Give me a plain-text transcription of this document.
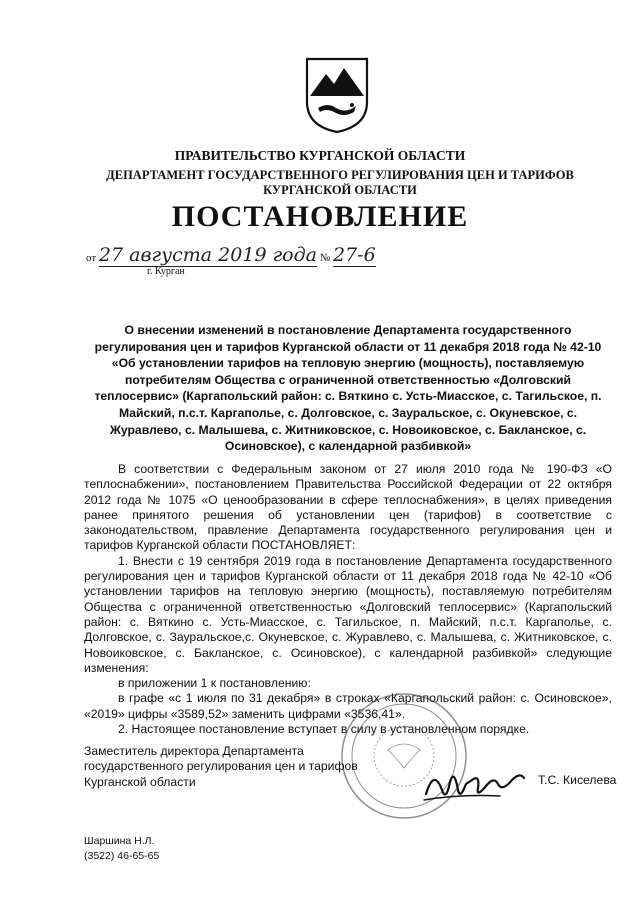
ПРАВИТЕЛЬСТВО КУРГАНСКОЙ ОБЛАСТИ
ДЕПАРТАМЕНТ ГОСУДАРСТВЕННОГО РЕГУЛИРОВАНИЯ ЦЕН И ТАРИФОВ КУРГАНСКОЙ ОБЛАСТИ
ПОСТАНОВЛЕНИЕ
от 27 августа 2019 года № 27-6
г. Курган
О внесении изменений в постановление Департамента государственного регулирования цен и тарифов Курганской области от 11 декабря 2018 года № 42-10 «Об установлении тарифов на тепловую энергию (мощность), поставляемую потребителям Общества с ограниченной ответственностью «Долговский теплосервис» (Каргапольский район: с. Вяткино с. Усть-Миасское, с. Тагильское, п. Майский, п.с.т. Каргаполье, с. Долговское, с. Зауральское, с. Окуневское, с. Журавлево, с. Малышева, с. Житниковское, с. Новоиковское, с. Бакланское, с. Осиновское), с календарной разбивкой»

В соответствии с Федеральным законом от 27 июля 2010 года № 190-ФЗ «О теплоснабжении», постановлением Правительства Российской Федерации от 22 октября 2012 года № 1075 «О ценообразовании в сфере теплоснабжения», в целях приведения ранее принятого решения об установлении цен (тарифов) в соответствие с законодательством, правление Департамента государственного регулирования цен и тарифов Курганской области ПОСТАНОВЛЯЕТ:

1. Внести с 19 сентября 2019 года в постановление Департамента государственного регулирования цен и тарифов Курганской области от 11 декабря 2018 года № 42-10 «Об установлении тарифов на тепловую энергию (мощность), поставляемую потребителям Общества с ограниченной ответственностью «Долговский теплосервис» (Каргапольский район: с. Вяткино с. Усть-Миасское, с. Тагильское, п. Майский, п.с.т. Каргаполье, с. Долговское, с. Зауральское,с. Окуневское, с. Журавлево, с. Малышева, с. Житниковское, с. Новоиковское, с. Бакланское, с. Осиновское), с календарной разбивкой» следующие изменения:

в приложении 1 к постановлению:

в графе «с 1 июля по 31 декабря» в строках «Каргапольский район: с. Осиновское», «2019» цифры «3589,52» заменить цифрами «3536,41».

2. Настоящее постановление вступает в силу в установленном порядке.

Заместитель директора Департамента
государственного регулирования цен и тарифов
Курганской области	Т.С. Киселева
Шаршина Н.Л.
(3522) 46-65-65
